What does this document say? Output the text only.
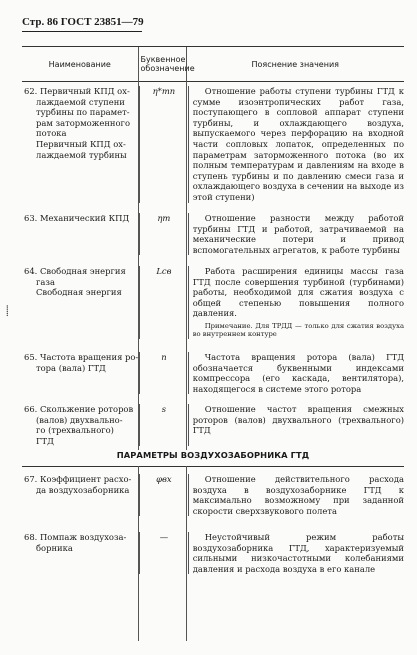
Стр. 86 ГОСТ 23851—79
Наименование	Буквенное обозначение	Пояснение значения
62. Первичный КПД ох-
лаждаемой ступени
турбины по парамет-
рам заторможенного
потока
Первичный КПД ох-
лаждаемой турбины
η*тп	Отношение работы ступени турбины ГТД к сумме изоэнтропических работ газа, поступающего в сопловой аппарат ступени турбины, и охлаждающего воздуха, выпускаемого через перфорацию на входной части сопловых лопаток, определенных по параметрам заторможенного потока (во их полным температурам и давлениям на входе в ступень турбины и по давлению смеси газа и охлаждающего воздуха в сечении на выходе из этой ступени)
63. Механический КПД	ηm	Отношение разности между работой турбины ГТД и работой, затрачиваемой на механические потери и привод вспомогательных агрегатов, к работе турбины
64. Свободная энергия
газа
Свободная энергия
Lсв	Работа расширения единицы массы газа ГТД после совершения турбиной (турбинами) работы, необходимой для сжатия воздуха с общей степенью повышения полного давления.
Примечание. Для ТРДД — только для сжатия воздуха во внутреннем контуре
65. Частота вращения ро-
тора (вала) ГТД
n	Частота вращения ротора (вала) ГТД обозначается буквенными индексами компрессора (его каскада, вентилятора), находящегося в системе этого ротора
66. Скольжение роторов
(валов) двухвально-
го (трехвального)
ГТД
s	Отношение частот вращения смежных роторов (валов) двухвального (трехвального) ГТД
ПАРАМЕТРЫ ВОЗДУХОЗАБОРНИКА ГТД
67. Коэффициент расхо-
да воздухозаборника
φвх	Отношение действительного расхода воздуха в воздухозаборнике ГТД к максимально возможному при заданной скорости сверхзвукового полета
68. Помпаж воздухоза-
борника
—	Неустойчивый режим работы воздухозаборника ГТД, характеризуемый сильными низкочастотными колебаниями давления и расхода воздуха в его канале
⸽
